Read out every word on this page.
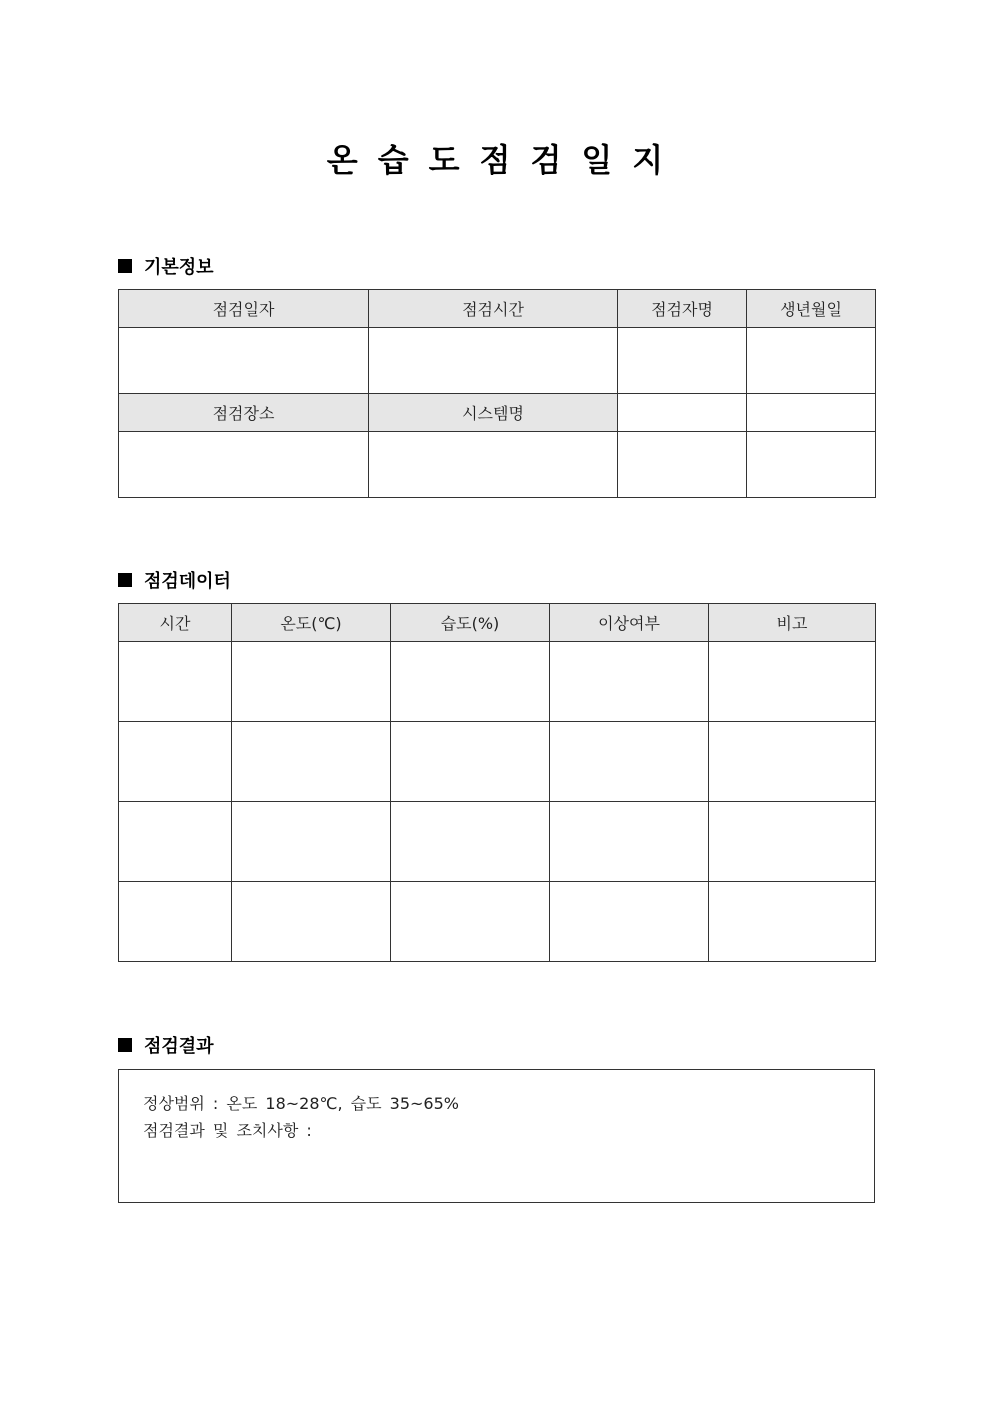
온 습 도 점 검 일 지
기본정보
점검일자	점검시간	점검자명	생년월일

점검장소	시스템명		

점검데이터
시간	온도(℃)	습도(%)	이상여부	비고

점검결과
정상범위 : 온도 18~28℃, 습도 35~65%
점검결과 및 조치사항 :
